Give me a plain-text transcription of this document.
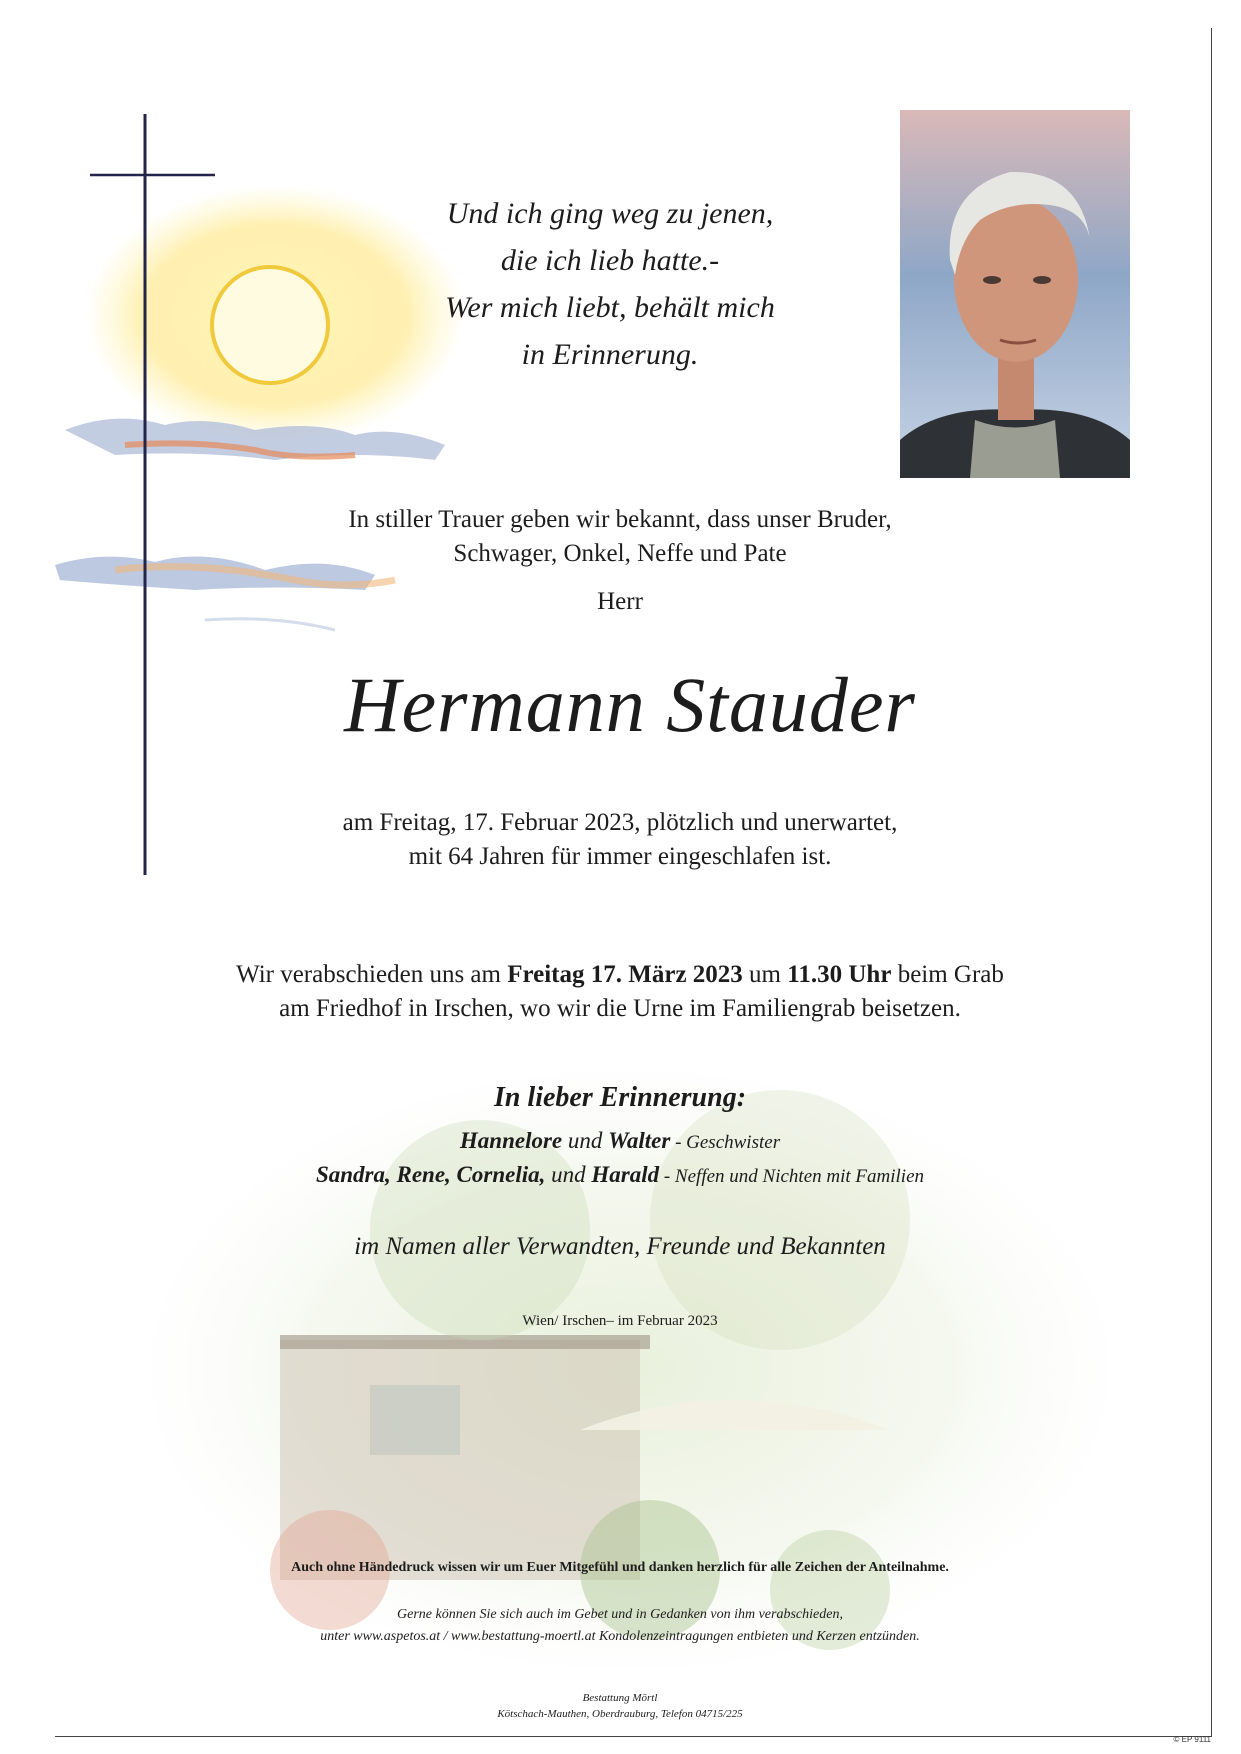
Und ich ging weg zu jenen,
die ich lieb hatte.-
Wer mich liebt, behält mich
in Erinnerung.
In stiller Trauer geben wir bekannt, dass unser Bruder,
Schwager, Onkel, Neffe und Pate
Herr
Hermann Stauder
am Freitag, 17. Februar 2023, plötzlich und unerwartet,
mit 64 Jahren für immer eingeschlafen ist.
Wir verabschieden uns am Freitag 17. März 2023 um 11.30 Uhr beim Grab
am Friedhof in Irschen, wo wir die Urne im Familiengrab beisetzen.
In lieber Erinnerung:
Hannelore und Walter - Geschwister
Sandra, Rene, Cornelia, und Harald - Neffen und Nichten mit Familien
im Namen aller Verwandten, Freunde und Bekannten
Wien/ Irschen– im Februar 2023
Auch ohne Händedruck wissen wir um Euer Mitgefühl und danken herzlich für alle Zeichen der Anteilnahme.
Gerne können Sie sich auch im Gebet und in Gedanken von ihm verabschieden,
unter www.aspetos.at / www.bestattung-moertl.at Kondolenzeintragungen entbieten und Kerzen entzünden.
Bestattung Mörtl
Kötschach-Mauthen, Oberdrauburg, Telefon 04715/225
© EP 9111
